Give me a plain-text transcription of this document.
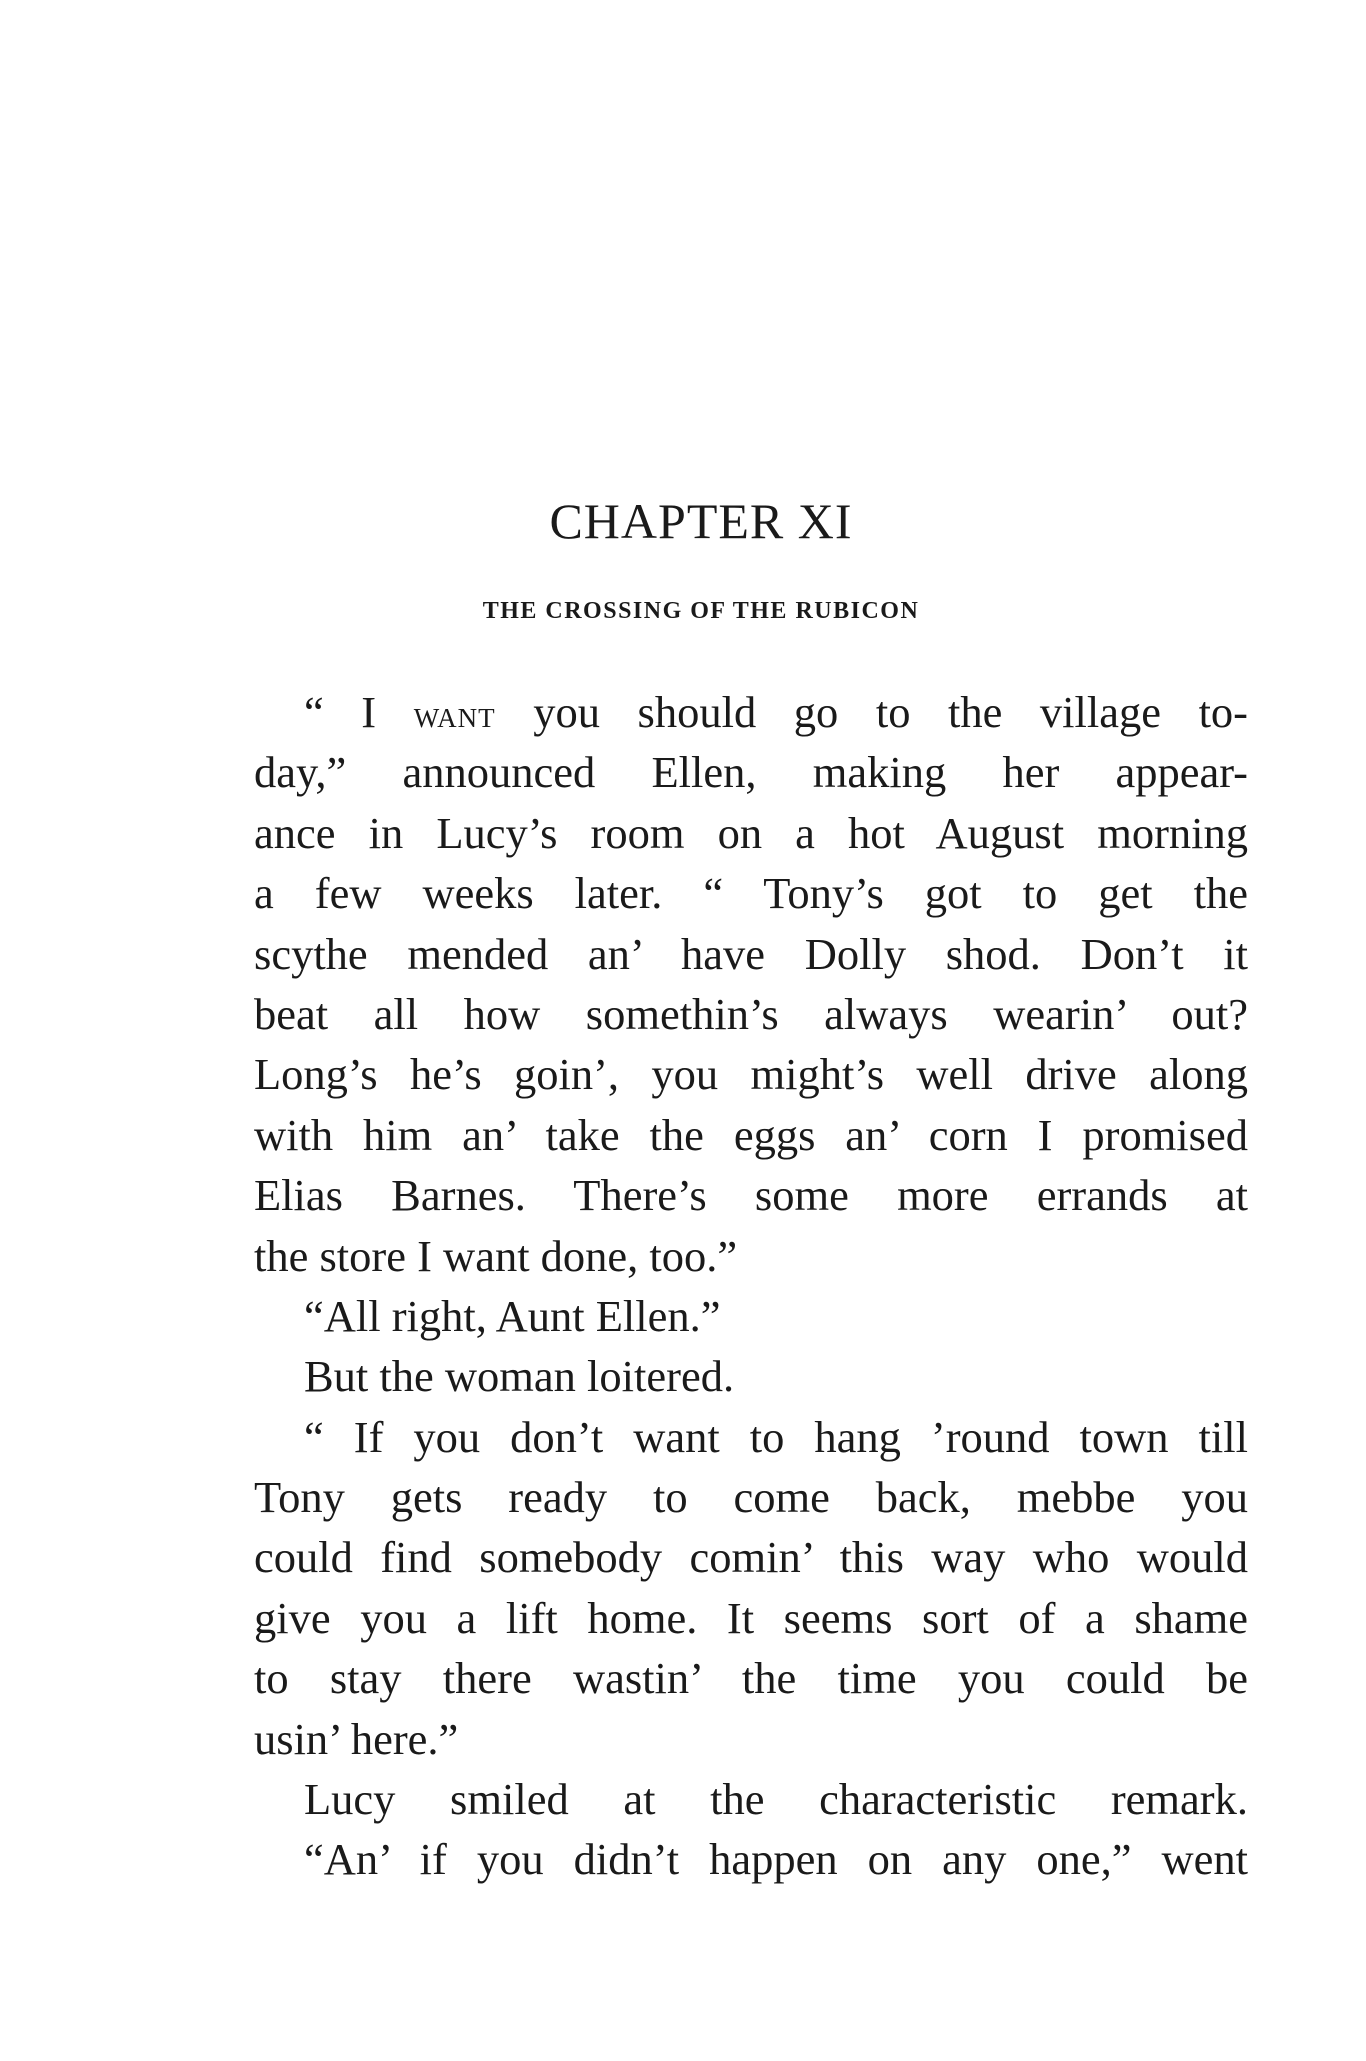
CHAPTER XI
THE CROSSING OF THE RUBICON
“ I want you should go to the village to-
day,” announced Ellen, making her appear-
ance in Lucy’s room on a hot August morning
a few weeks later. “ Tony’s got to get the
scythe mended an’ have Dolly shod. Don’t it
beat all how somethin’s always wearin’ out?
Long’s he’s goin’, you might’s well drive along
with him an’ take the eggs an’ corn I promised
Elias Barnes. There’s some more errands at
the store I want done, too.”
“All right, Aunt Ellen.”
But the woman loitered.
“ If you don’t want to hang ’round town till
Tony gets ready to come back, mebbe you
could find somebody comin’ this way who would
give you a lift home. It seems sort of a shame
to stay there wastin’ the time you could be
usin’ here.”
Lucy smiled at the characteristic remark.
“An’ if you didn’t happen on any one,” went
